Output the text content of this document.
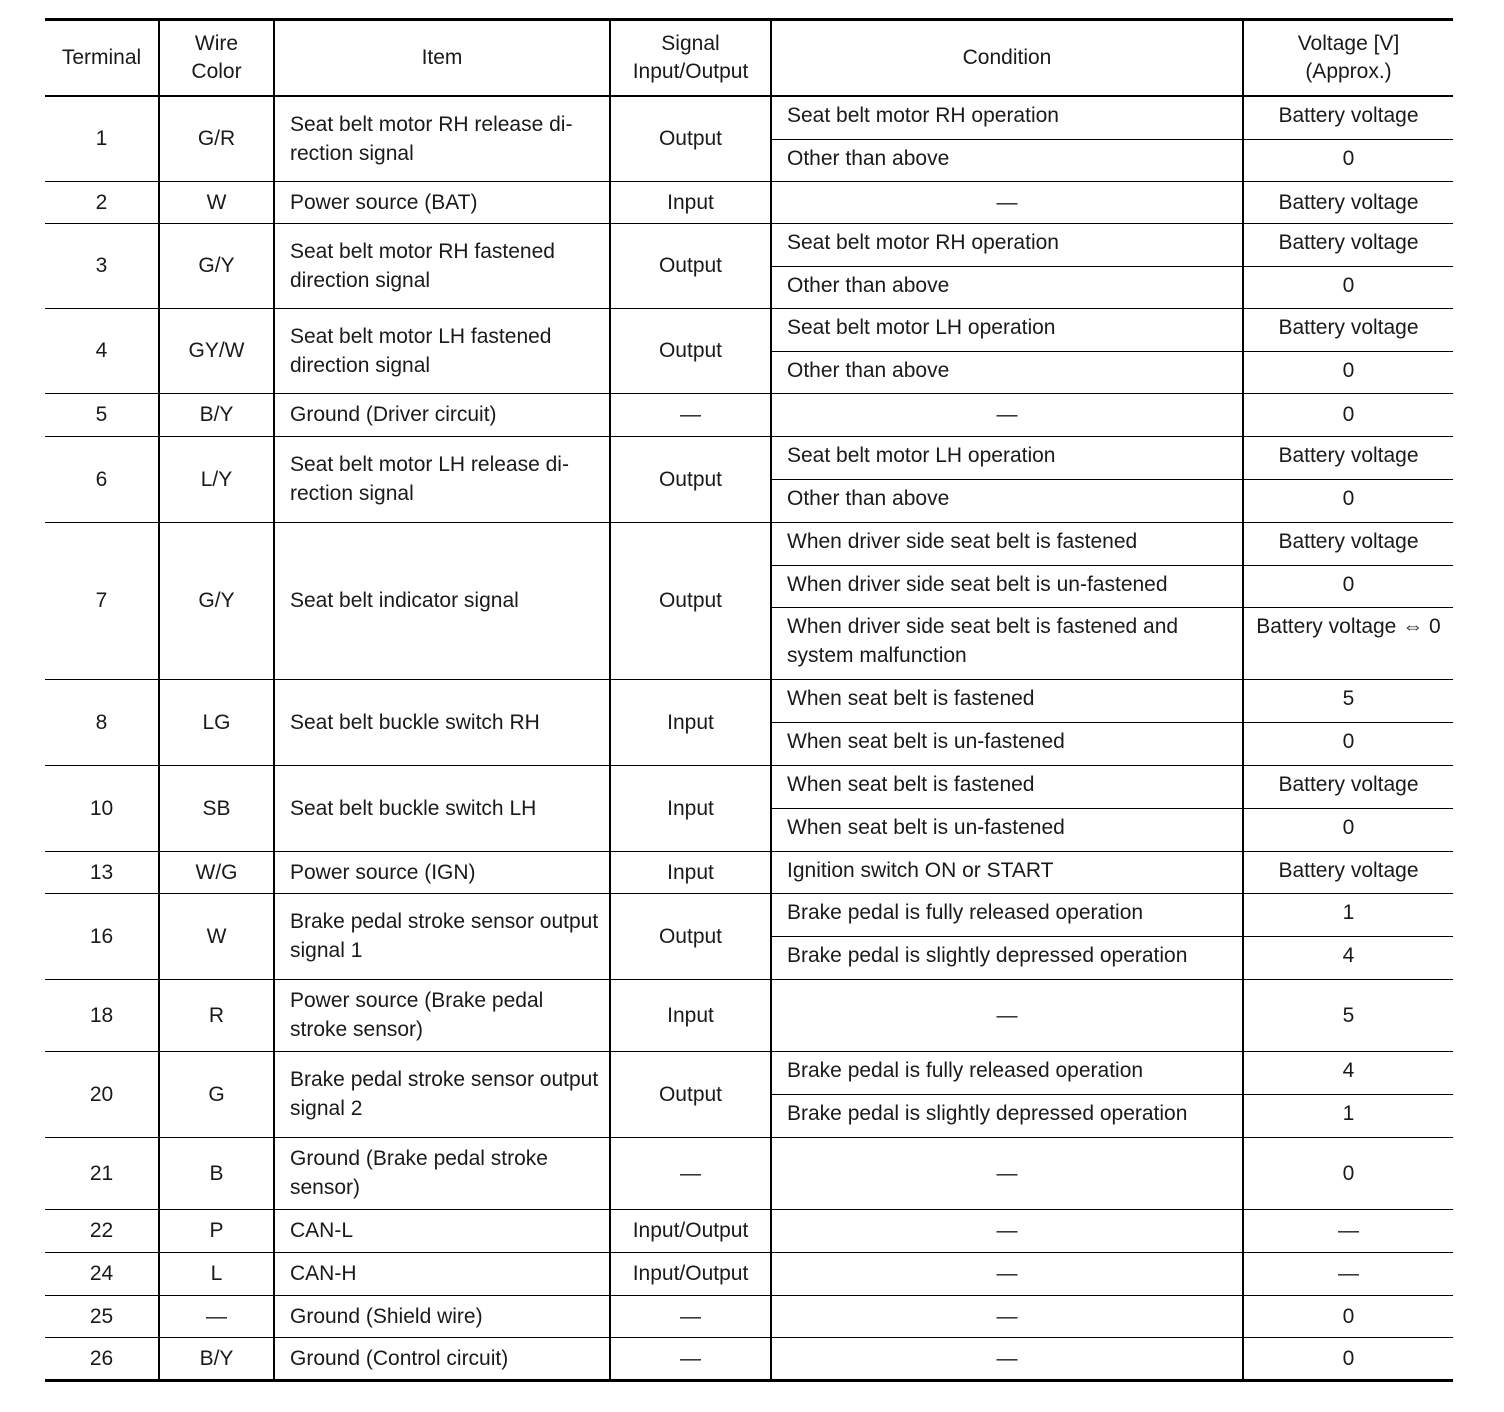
Terminal	Wire Color	Item	Signal Input/Output	Condition	Voltage [V] (Approx.)
1	G/R	Seat belt motor RH release di-rection signal	Output	Seat belt motor RH operation	Battery voltage
				Other than above	0
2	W	Power source (BAT)	Input	—	Battery voltage
3	G/Y	Seat belt motor RH fastened direction signal	Output	Seat belt motor RH operation	Battery voltage
				Other than above	0
4	GY/W	Seat belt motor LH fastened direction signal	Output	Seat belt motor LH operation	Battery voltage
				Other than above	0
5	B/Y	Ground (Driver circuit)	—	—	0
6	L/Y	Seat belt motor LH release di-rection signal	Output	Seat belt motor LH operation	Battery voltage
				Other than above	0
7	G/Y	Seat belt indicator signal	Output	When driver side seat belt is fastened	Battery voltage
				When driver side seat belt is un-fastened	0
				When driver side seat belt is fastened and system malfunction	Battery voltage ⇔ 0
8	LG	Seat belt buckle switch RH	Input	When seat belt is fastened	5
				When seat belt is un-fastened	0
10	SB	Seat belt buckle switch LH	Input	When seat belt is fastened	Battery voltage
				When seat belt is un-fastened	0
13	W/G	Power source (IGN)	Input	Ignition switch ON or START	Battery voltage
16	W	Brake pedal stroke sensor output signal 1	Output	Brake pedal is fully released operation	1
				Brake pedal is slightly depressed operation	4
18	R	Power source (Brake pedal stroke sensor)	Input	—	5
20	G	Brake pedal stroke sensor output signal 2	Output	Brake pedal is fully released operation	4
				Brake pedal is slightly depressed operation	1
21	B	Ground (Brake pedal stroke sensor)	—	—	0
22	P	CAN-L	Input/Output	—	—
24	L	CAN-H	Input/Output	—	—
25	—	Ground (Shield wire)	—	—	0
26	B/Y	Ground (Control circuit)	—	—	0
